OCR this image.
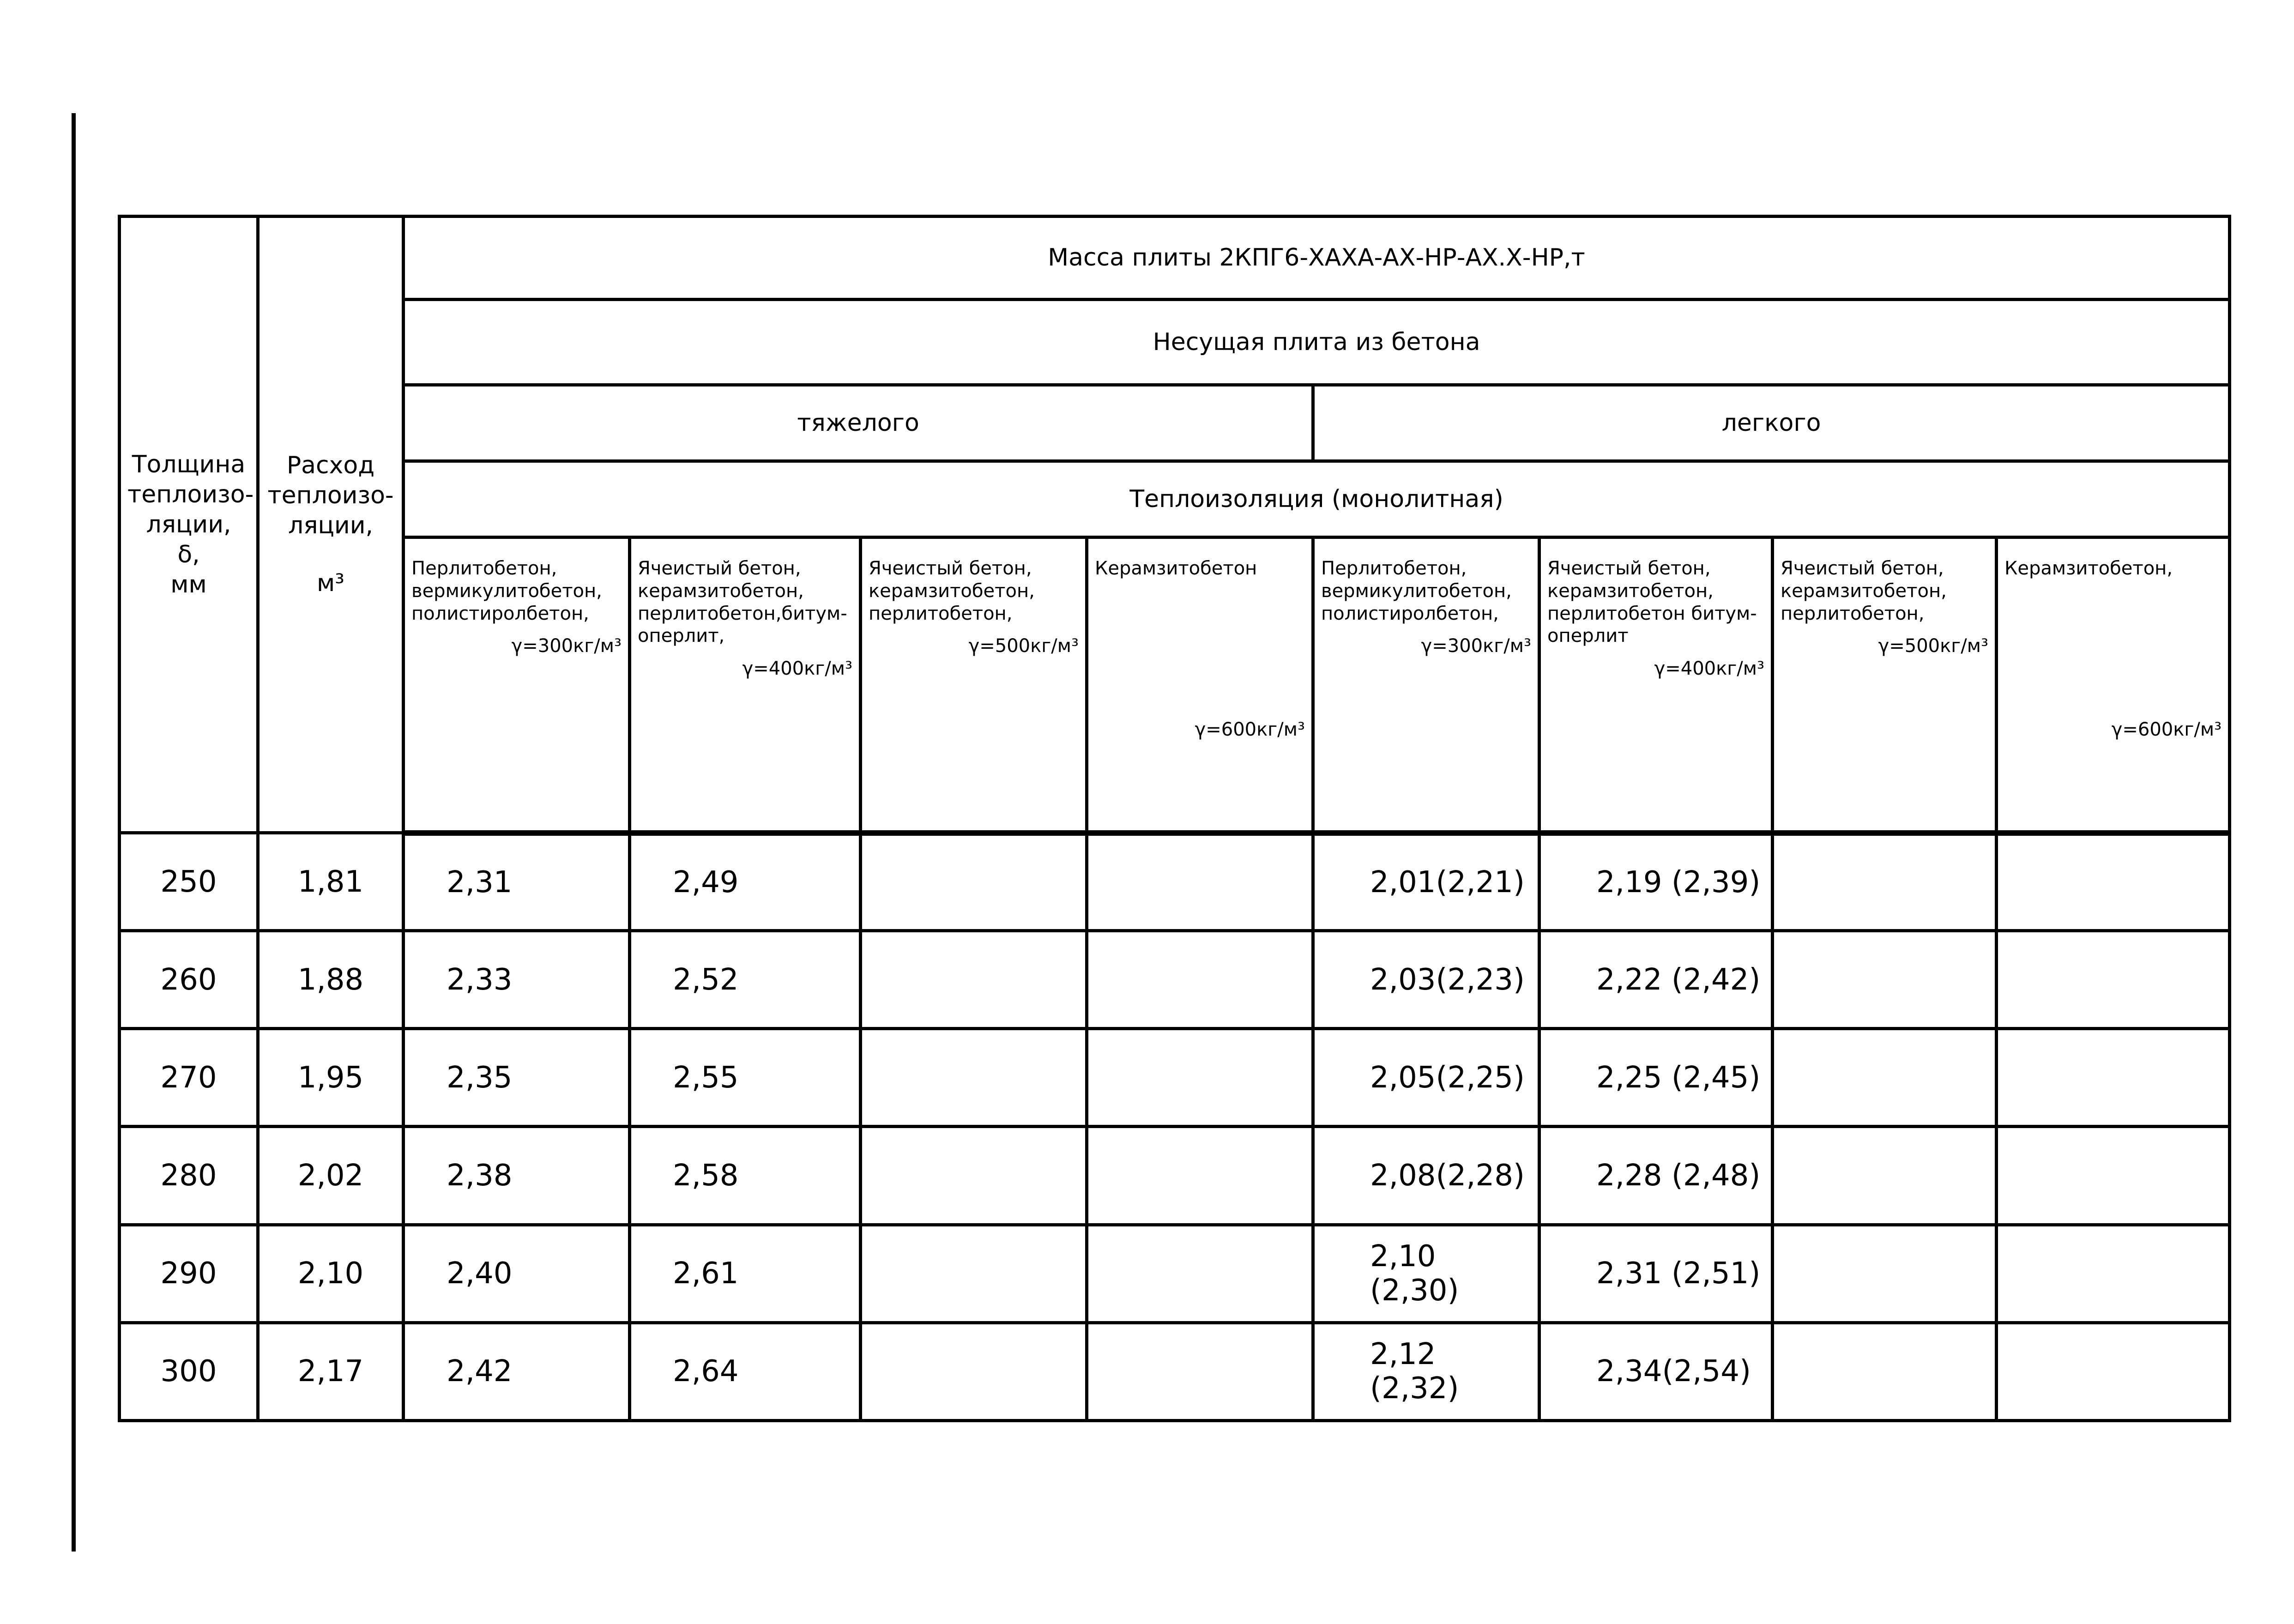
Толщина
теплоизо-
ляции,
δ,
мм	Расход
теплоизо-
ляции,
м³	Масса плиты 2КПГ6-ХАХА-АХ-НР-АХ.Х-НР,т							
		Несущая плита из бетона							
		тяжелого				легкого			
		Теплоизоляция (монолитная)							

		Перлитобетон,
вермикулитобетон,
полистиролбетон,
γ=300кг/м³	Ячеистый бетон,
керамзитобетон,
перлитобетон,битум-
оперлит,
γ=400кг/м³	Ячеистый бетон,
керамзитобетон,
перлитобетон,
γ=500кг/м³	Керамзитобетон
γ=600кг/м³	Перлитобетон,
вермикулитобетон,
полистиролбетон,
γ=300кг/м³	Ячеистый бетон,
керамзитобетон,
перлитобетон битум-
оперлит
γ=400кг/м³	Ячеистый бетон,
керамзитобетон,
перлитобетон,
γ=500кг/м³	Керамзитобетон,
γ=600кг/м³

250	1,81	2,31	2,49			2,01(2,21)	2,19 (2,39)		
260	1,88	2,33	2,52			2,03(2,23)	2,22 (2,42)		
270	1,95	2,35	2,55			2,05(2,25)	2,25 (2,45)		
280	2,02	2,38	2,58			2,08(2,28)	2,28 (2,48)		
290	2,10	2,40	2,61			2,10 (2,30)	2,31 (2,51)		
300	2,17	2,42	2,64			2,12 (2,32)	2,34(2,54)		
